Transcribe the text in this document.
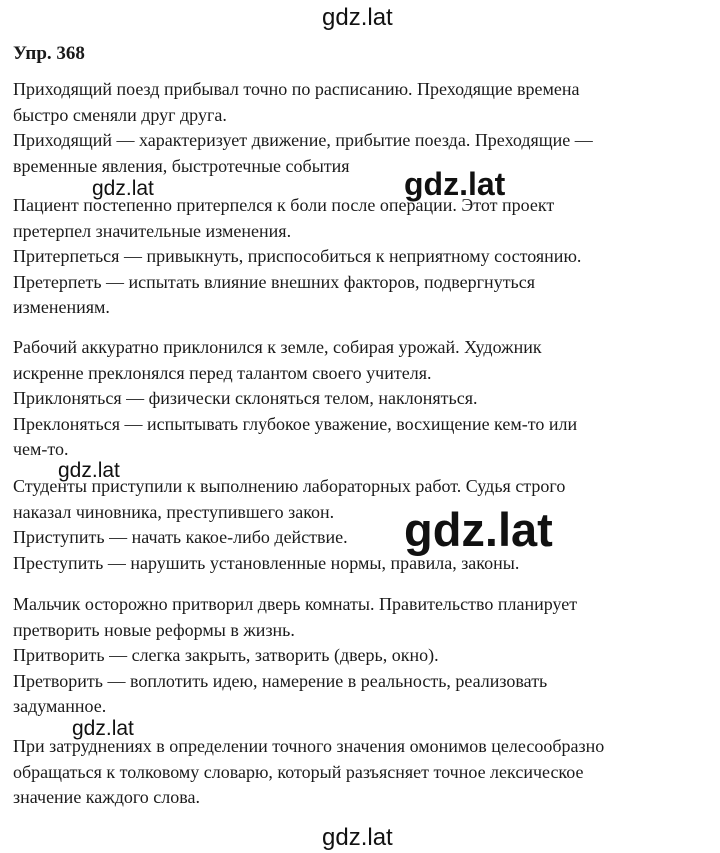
gdz.lat
Упр. 368
Приходящий поезд прибывал точно по расписанию. Преходящие времена
быстро сменяли друг друга.
Приходящий — характеризует движение, прибытие поезда. Преходящие —
временные явления, быстротечные события
Пациент постепенно притерпелся к боли после операции. Этот проект
претерпел значительные изменения.
Притерпеться — привыкнуть, приспособиться к неприятному состоянию.
Претерпеть — испытать влияние внешних факторов, подвергнуться
изменениям.
Рабочий аккуратно приклонился к земле, собирая урожай. Художник
искренне преклонялся перед талантом своего учителя.
Приклоняться — физически склоняться телом, наклоняться.
Преклоняться — испытывать глубокое уважение, восхищение кем-то или
чем-то.
Студенты приступили к выполнению лабораторных работ. Судья строго
наказал чиновника, преступившего закон.
Приступить — начать какое-либо действие.
Преступить — нарушить установленные нормы, правила, законы.
Мальчик осторожно притворил дверь комнаты. Правительство планирует
претворить новые реформы в жизнь.
Притворить — слегка закрыть, затворить (дверь, окно).
Претворить — воплотить идею, намерение в реальность, реализовать
задуманное.
При затруднениях в определении точного значения омонимов целесообразно
обращаться к толковому словарю, который разъясняет точное лексическое
значение каждого слова.
gdz.lat	gdz.lat
gdz.lat
gdz.lat
gdz.lat
gdz.lat
